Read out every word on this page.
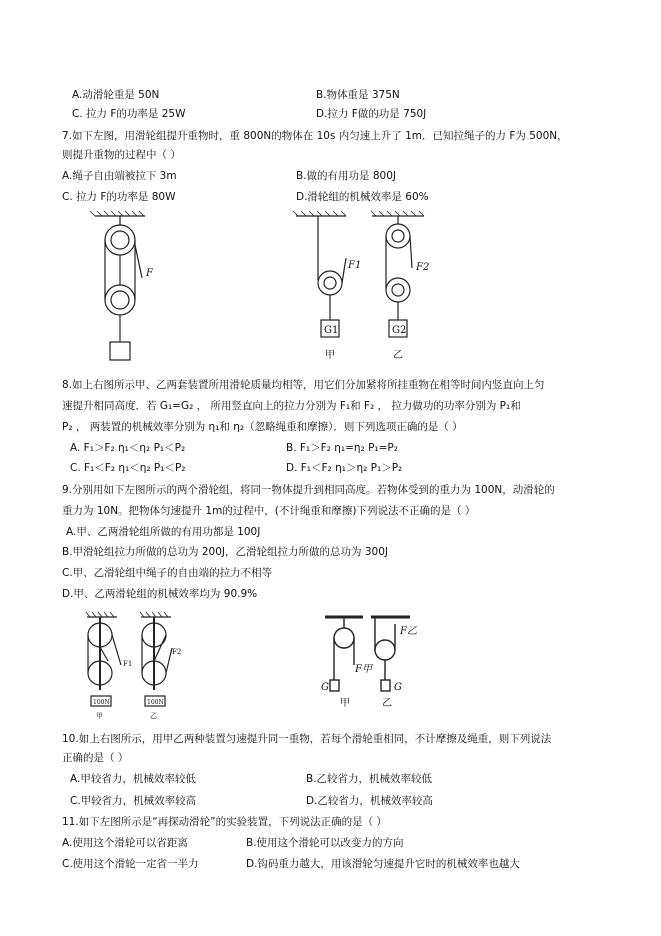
A.动滑轮重是 50N	B.物体重是 375N
C. 拉力 F的功率是 25W	D.拉力 F做的功是 750J
7.如下左图，用滑轮组提升重物时，重 800N的物体在 10s 内匀速上升了 1m．已知拉绳子的力 F为 500N，
则提升重物的过程中（ ）
A.绳子自由端被拉下 3m	B.做的有用功是 800J
C. 拉力 F的功率是 80W	D.滑轮组的机械效率是 60%
F
F1
G1
甲
F2
G2
乙
8.如上右图所示甲、乙两套装置所用滑轮质量均相等，用它们分加紧将所挂重物在相等时间内竖直向上匀
速提升相同高度．若 G₁=G₂ ， 所用竖直向上的拉力分别为 F₁和 F₂ ， 拉力做功的功率分别为 P₁和
P₂ ， 两装置的机械效率分别为 η₁和 η₂（忽略绳重和摩擦）．则下列选项正确的是（ ）
A. F₁＞F₂ η₁＜η₂ P₁＜P₂	B. F₁＞F₂ η₁=η₂ P₁=P₂
C. F₁＜F₂ η₁＜η₂ P₁＜P₂	D. F₁＜F₂ η₁＞η₂ P₁＞P₂
9.分别用如下左图所示的两个滑轮组，将同一物体提升到相同高度。若物体受到的重力为 100N，动滑轮的
重力为 10N。把物体匀速提升 1m的过程中，(不计绳重和摩擦)下列说法不正确的是（ ）
A.甲、乙两滑轮组所做的有用功都是 100J
B.甲滑轮组拉力所做的总功为 200J，乙滑轮组拉力所做的总功为 300J
C.甲、乙滑轮组中绳子的自由端的拉力不相等
D.甲、乙两滑轮组的机械效率均为 90.9%
F1
100N
甲
F2
100N
乙
F甲
G
甲
F乙
G
乙
10.如上右图所示，用甲乙两种装置匀速提升同一重物，若每个滑轮重相同，不计摩擦及绳重，则下列说法
正确的是（ ）
A.甲较省力，机械效率较低	B.乙较省力，机械效率较低
C.甲较省力，机械效率较高	D.乙较省力，机械效率较高
11.如下左图所示是“再探动滑轮”的实验装置，下列说法正确的是（ ）
A.使用这个滑轮可以省距离	B.使用这个滑轮可以改变力的方向
C.使用这个滑轮一定省一半力	D.钩码重力越大，用该滑轮匀速提升它时的机械效率也越大
